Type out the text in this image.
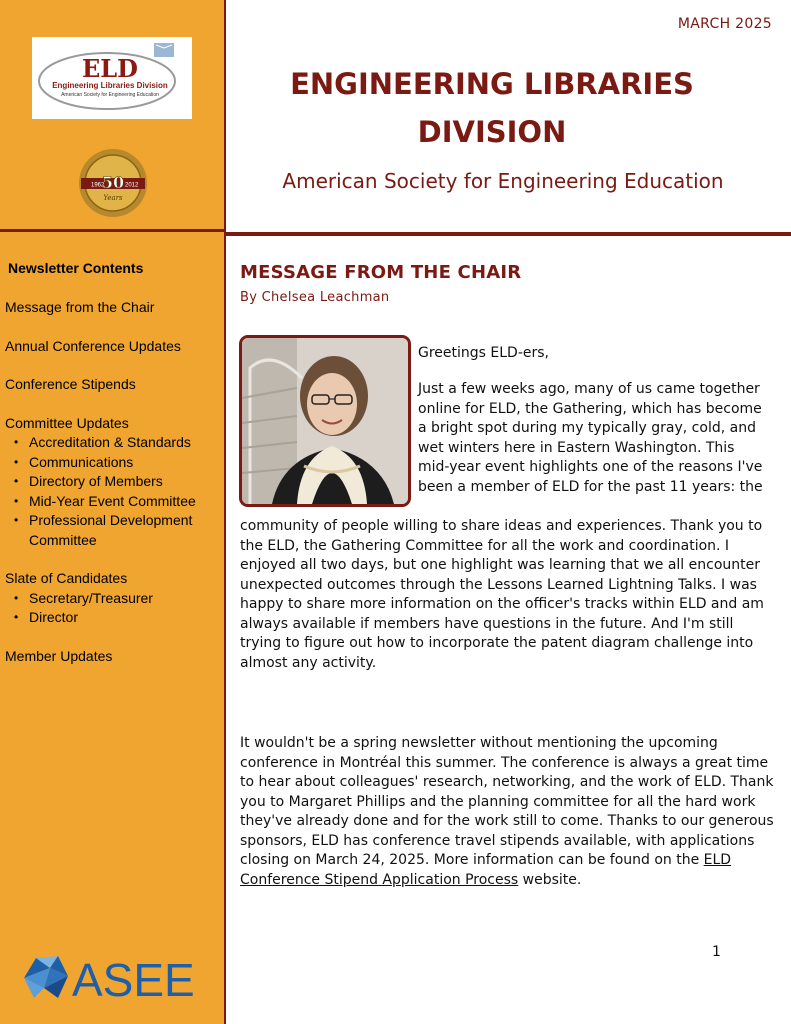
ELD
Engineering Libraries Division
American Society for Engineering Education
1962	2012
50
Years
Newsletter Contents
Message from the Chair
Annual Conference Updates
Conference Stipends
Committee Updates
• Accreditation & Standards
• Communications
• Directory of Members
• Mid-Year Event Committee
• Professional Development Committee
Slate of Candidates
• Secretary/Treasurer
• Director
Member Updates
ASEE
MARCH 2025
ENGINEERING LIBRARIES DIVISION
American Society for Engineering Education
MESSAGE FROM THE CHAIR
By Chelsea Leachman

Greetings ELD-ers,

Just a few weeks ago, many of us came together online for ELD, the Gathering, which has become a bright spot during my typically gray, cold, and wet winters here in Eastern Washington. This mid-year event highlights one of the reasons I've been a member of ELD for the past 11 years: the

community of people willing to share ideas and experiences. Thank you to the ELD, the Gathering Committee for all the work and coordination. I enjoyed all two days, but one highlight was learning that we all encounter unexpected outcomes through the Lessons Learned Lightning Talks. I was happy to share more information on the officer's tracks within ELD and am always available if members have questions in the future. And I'm still trying to figure out how to incorporate the patent diagram challenge into almost any activity.

It wouldn't be a spring newsletter without mentioning the upcoming conference in Montréal this summer. The conference is always a great time to hear about colleagues' research, networking, and the work of ELD. Thank you to Margaret Phillips and the planning committee for all the hard work they've already done and for the work still to come. Thanks to our generous sponsors, ELD has conference travel stipends available, with applications closing on March 24, 2025. More information can be found on the ELD Conference Stipend Application Process website.

1
